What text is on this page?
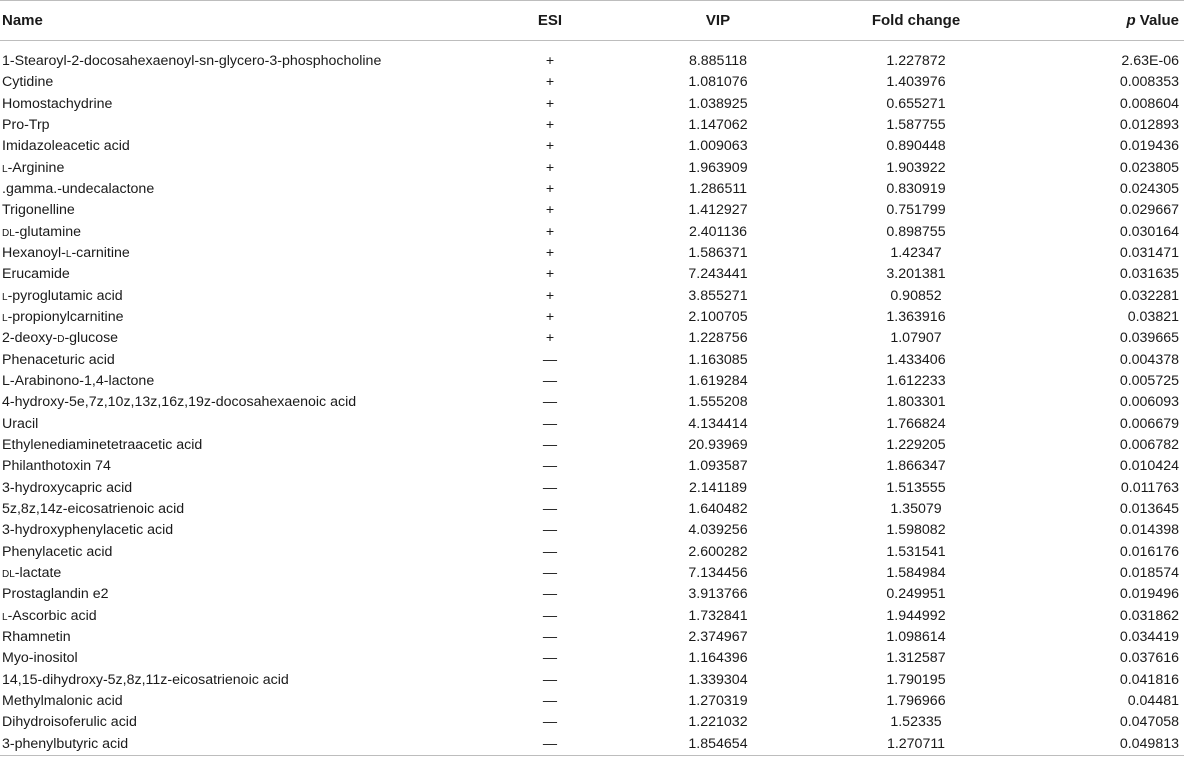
Name	ESI	VIP	Fold change	p Value
1-Stearoyl-2-docosahexaenoyl-sn-glycero-3-phosphocholine	+	8.885118	1.227872	2.63E-06
Cytidine	+	1.081076	1.403976	0.008353
Homostachydrine	+	1.038925	0.655271	0.008604
Pro-Trp	+	1.147062	1.587755	0.012893
Imidazoleacetic acid	+	1.009063	0.890448	0.019436
l-Arginine	+	1.963909	1.903922	0.023805
.gamma.-undecalactone	+	1.286511	0.830919	0.024305
Trigonelline	+	1.412927	0.751799	0.029667
dl-glutamine	+	2.401136	0.898755	0.030164
Hexanoyl-l-carnitine	+	1.586371	1.42347	0.031471
Erucamide	+	7.243441	3.201381	0.031635
l-pyroglutamic acid	+	3.855271	0.90852	0.032281
l-propionylcarnitine	+	2.100705	1.363916	0.03821
2-deoxy-d-glucose	+	1.228756	1.07907	0.039665
Phenaceturic acid	—	1.163085	1.433406	0.004378
L-Arabinono-1,4-lactone	—	1.619284	1.612233	0.005725
4-hydroxy-5e,7z,10z,13z,16z,19z-docosahexaenoic acid	—	1.555208	1.803301	0.006093
Uracil	—	4.134414	1.766824	0.006679
Ethylenediaminetetraacetic acid	—	20.93969	1.229205	0.006782
Philanthotoxin 74	—	1.093587	1.866347	0.010424
3-hydroxycapric acid	—	2.141189	1.513555	0.011763
5z,8z,14z-eicosatrienoic acid	—	1.640482	1.35079	0.013645
3-hydroxyphenylacetic acid	—	4.039256	1.598082	0.014398
Phenylacetic acid	—	2.600282	1.531541	0.016176
dl-lactate	—	7.134456	1.584984	0.018574
Prostaglandin e2	—	3.913766	0.249951	0.019496
l-Ascorbic acid	—	1.732841	1.944992	0.031862
Rhamnetin	—	2.374967	1.098614	0.034419
Myo-inositol	—	1.164396	1.312587	0.037616
14,15-dihydroxy-5z,8z,11z-eicosatrienoic acid	—	1.339304	1.790195	0.041816
Methylmalonic acid	—	1.270319	1.796966	0.04481
Dihydroisoferulic acid	—	1.221032	1.52335	0.047058
3-phenylbutyric acid	—	1.854654	1.270711	0.049813
